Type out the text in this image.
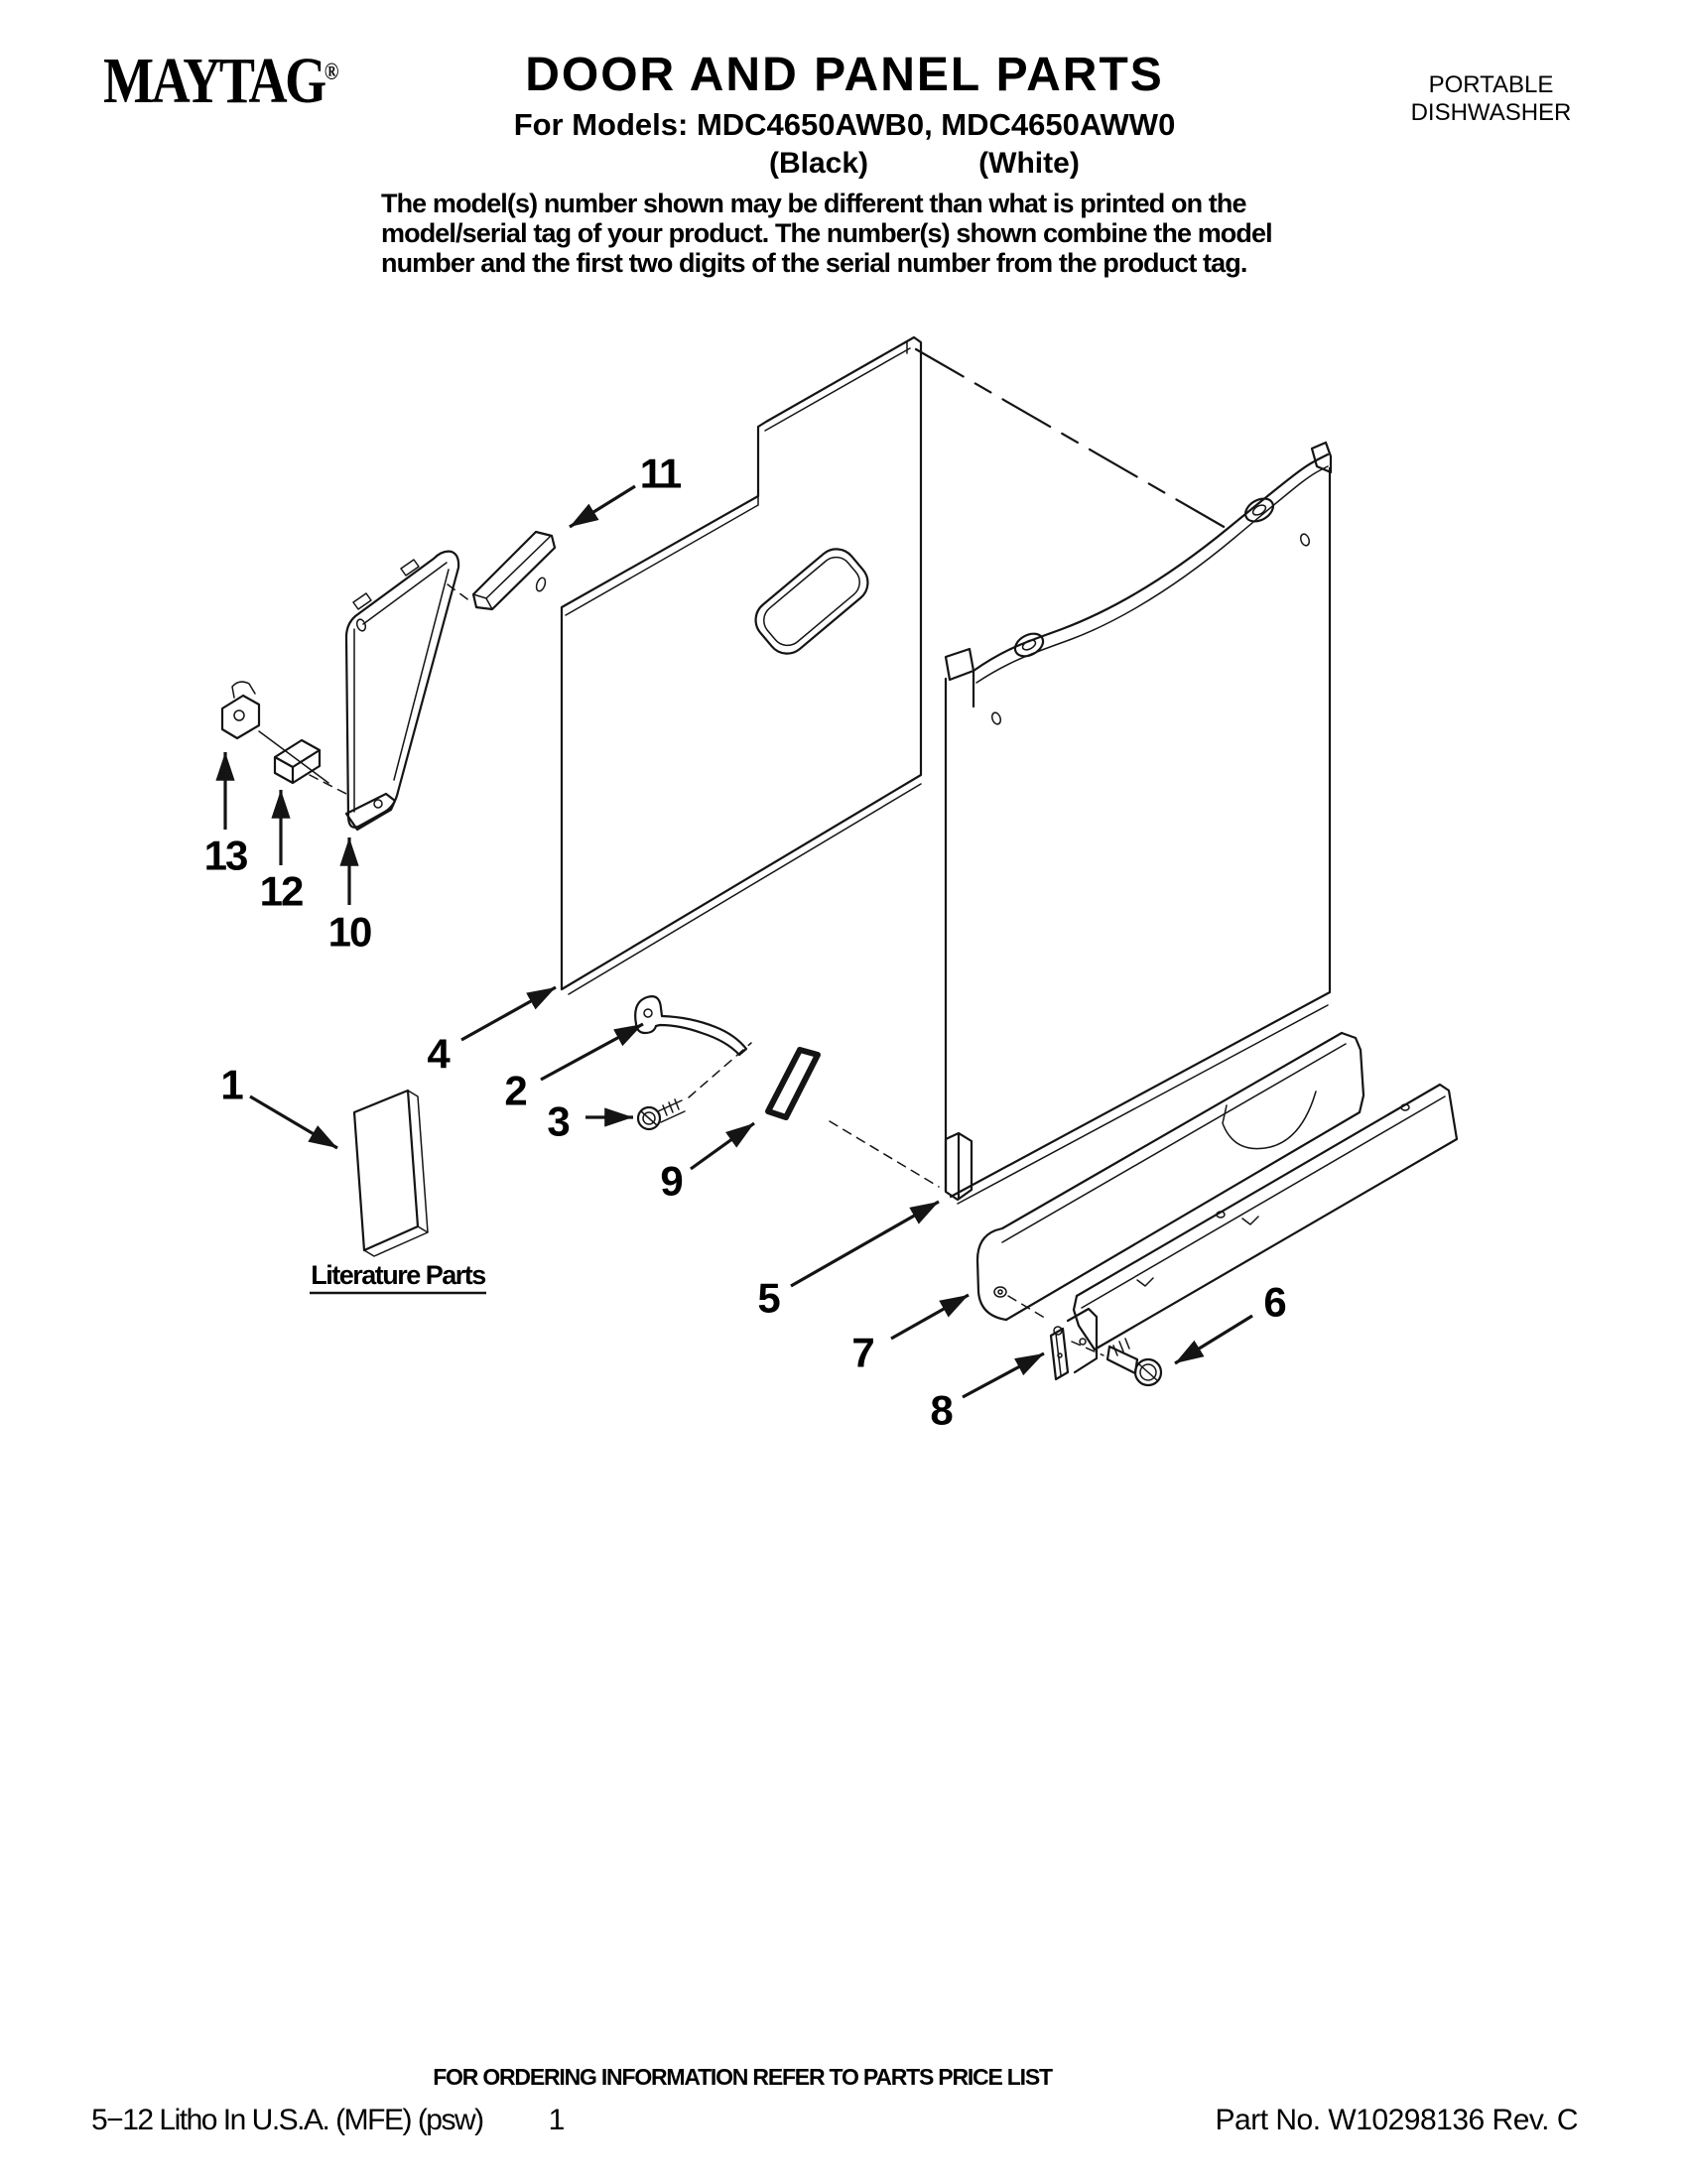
MAYTAG®	DOOR AND PANEL PARTS
For Models: MDC4650AWB0, MDC4650AWW0
(Black)	(White)
PORTABLE
DISHWASHER
The model(s) number shown may be different than what is printed on the
model/serial tag of your product. The number(s) shown combine the model
number and the first two digits of the serial number from the product tag.
Literature Parts
1	2
3
4
5	6
7
8
9
10
11
12
13
FOR ORDERING INFORMATION REFER TO PARTS PRICE LIST
5−12 Litho In U.S.A. (MFE) (psw)	1	Part No. W10298136 Rev. C
